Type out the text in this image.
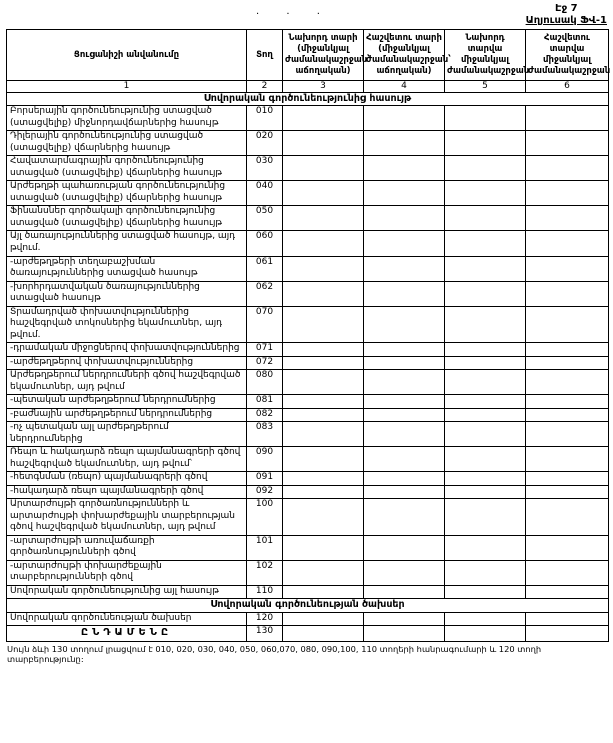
· · ·
Էջ 7
Աղյուսակ ՖՎ-1
Ցուցանիշի անվանումը	Տող	Նախորդ տարի (միջանկյալ ժամանակաշրջան՝ աճողական)	Հաշվետու տարի (միջանկյալ ժամանակաշրջան՝ աճողական)	Նախորդ տարվա միջանկյալ ժամանակաշրջան	Հաշվետու տարվա միջանկյալ ժամանակաշրջան
1	2	3	4	5	6
Սովորական գործունեությունից հասույթ					
Բորսերային գործունեությունից ստացված (ստացվելիք) միջնորդավճարներից հասույթ	010				
Դիլերային գործունեությունից ստացված (ստացվելիք) վճարներից հասույթ	020				
Հավատարմագրային գործունեությունից ստացված (ստացվելիք) վճարներից հասույթ	030				
Արժեթղթի պահառության գործունեությունից ստացված (ստացվելիք) վճարներից հասույթ	040				
Ֆինանսներ գործակալի գործունեությունից ստացված (ստացվելիք) վճարներից հասույթ	050				
Այլ ծառայություններից ստացված հասույթ, այդ թվում.	060				
-արժեթղթերի տեղաբաշխման ծառայություններից ստացված հասույթ	061				
-խորհրդատվական ծառայություններից ստացված հասույթ	062				
Տրամադրված փոխատվություններից հաշվեգրված տոկոսներից եկամուտներ, այդ թվում.	070				
-դրամական միջոցներով փոխատվություններից	071				
-արժեթղթերով փոխատվություններից	072				
Արժեթղթերում ներդրումների գծով հաշվեգրված եկամուտներ, այդ թվում	080				
-պետական արժեթղթերում ներդրումներից	081				
-բաժնային արժեթղթերում ներդրումներից	082				
-ոչ պետական այլ արժեթղթերում ներդրումներից	083				
Ռեպո և հակադարձ ռեպո պայմանագրերի գծով հաշվեգրված եկամուտներ, այդ թվում՝	090				
-հետգնման (ռեպո) պայմանագրերի գծով	091				
-հակադարձ ռեպո պայմանագրերի գծով	092				
Արտարժույթի գործառնությունների և արտարժույթի փոխարժեքային տարբերության գծով հաշվեգրված եկամուտներ, այդ թվում	100				
-արտարժույթի առուվաճառքի գործառնությունների գծով	101				
-արտարժույթի փոխարժեքային տարբերությունների գծով	102				
Սովորական գործունեությունից այլ հասույթ	110				
Սովորական գործունեության ծախսեր					
Սովորական գործունեության ծախսեր	120				
ԸՆԴԱՄԵՆԸ	130				
Սույն ձևի 130 տողում լրացվում է 010, 020, 030, 040, 050, 060,070, 080, 090,100, 110 տողերի հանրագումարի և 120 տողի տարբերությունը:
